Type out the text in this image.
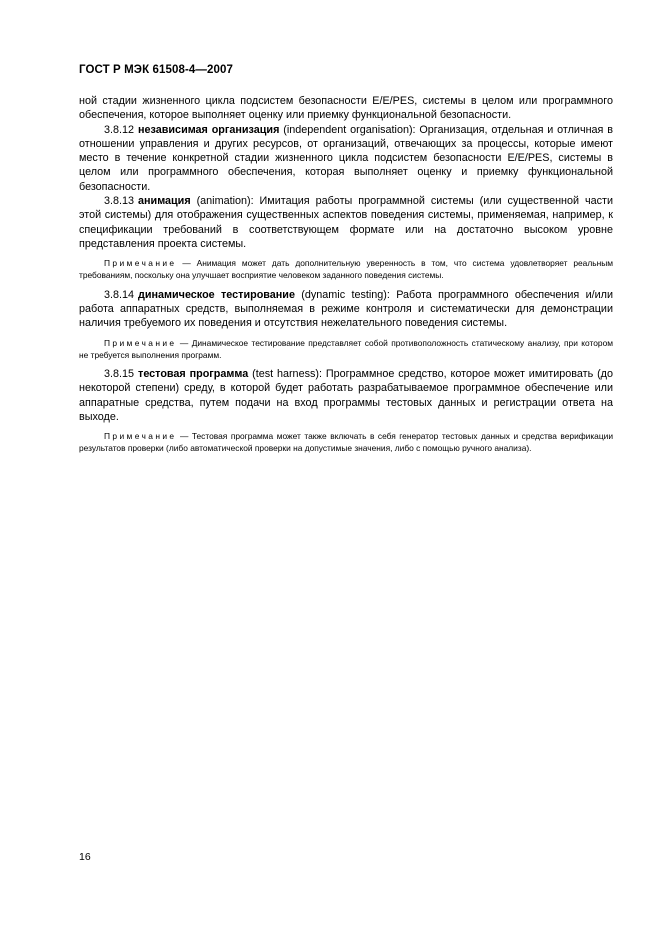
ГОСТ Р МЭК 61508-4—2007

ной стадии жизненного цикла подсистем безопасности E/E/PES, системы в целом или программного обеспечения, которое выполняет оценку или приемку функциональной безопасности.

3.8.12 независимая организация (independent organisation): Организация, отдельная и отличная в отношении управления и других ресурсов, от организаций, отвечающих за процессы, которые имеют место в течение конкретной стадии жизненного цикла подсистем безопасности E/E/PES, системы в целом или программного обеспечения, которая выполняет оценку и приемку функциональной безопасности.

3.8.13 анимация (animation): Имитация работы программной системы (или существенной части этой системы) для отображения существенных аспектов поведения системы, применяемая, например, к спецификации требований в соответствующем формате или на достаточно высоком уровне представления проекта системы.

Примечание — Анимация может дать дополнительную уверенность в том, что система удовлетворяет реальным требованиям, поскольку она улучшает восприятие человеком заданного поведения системы.

3.8.14 динамическое тестирование (dynamic testing): Работа программного обеспечения и/или работа аппаратных средств, выполняемая в режиме контроля и систематически для демонстрации наличия требуемого их поведения и отсутствия нежелательного поведения системы.

Примечание — Динамическое тестирование представляет собой противоположность статическому анализу, при котором не требуется выполнения программ.

3.8.15 тестовая программа (test harness): Программное средство, которое может имитировать (до некоторой степени) среду, в которой будет работать разрабатываемое программное обеспечение или аппаратные средства, путем подачи на вход программы тестовых данных и регистрации ответа на выходе.

Примечание — Тестовая программа может также включать в себя генератор тестовых данных и средства верификации результатов проверки (либо автоматической проверки на допустимые значения, либо с помощью ручного анализа).

16
